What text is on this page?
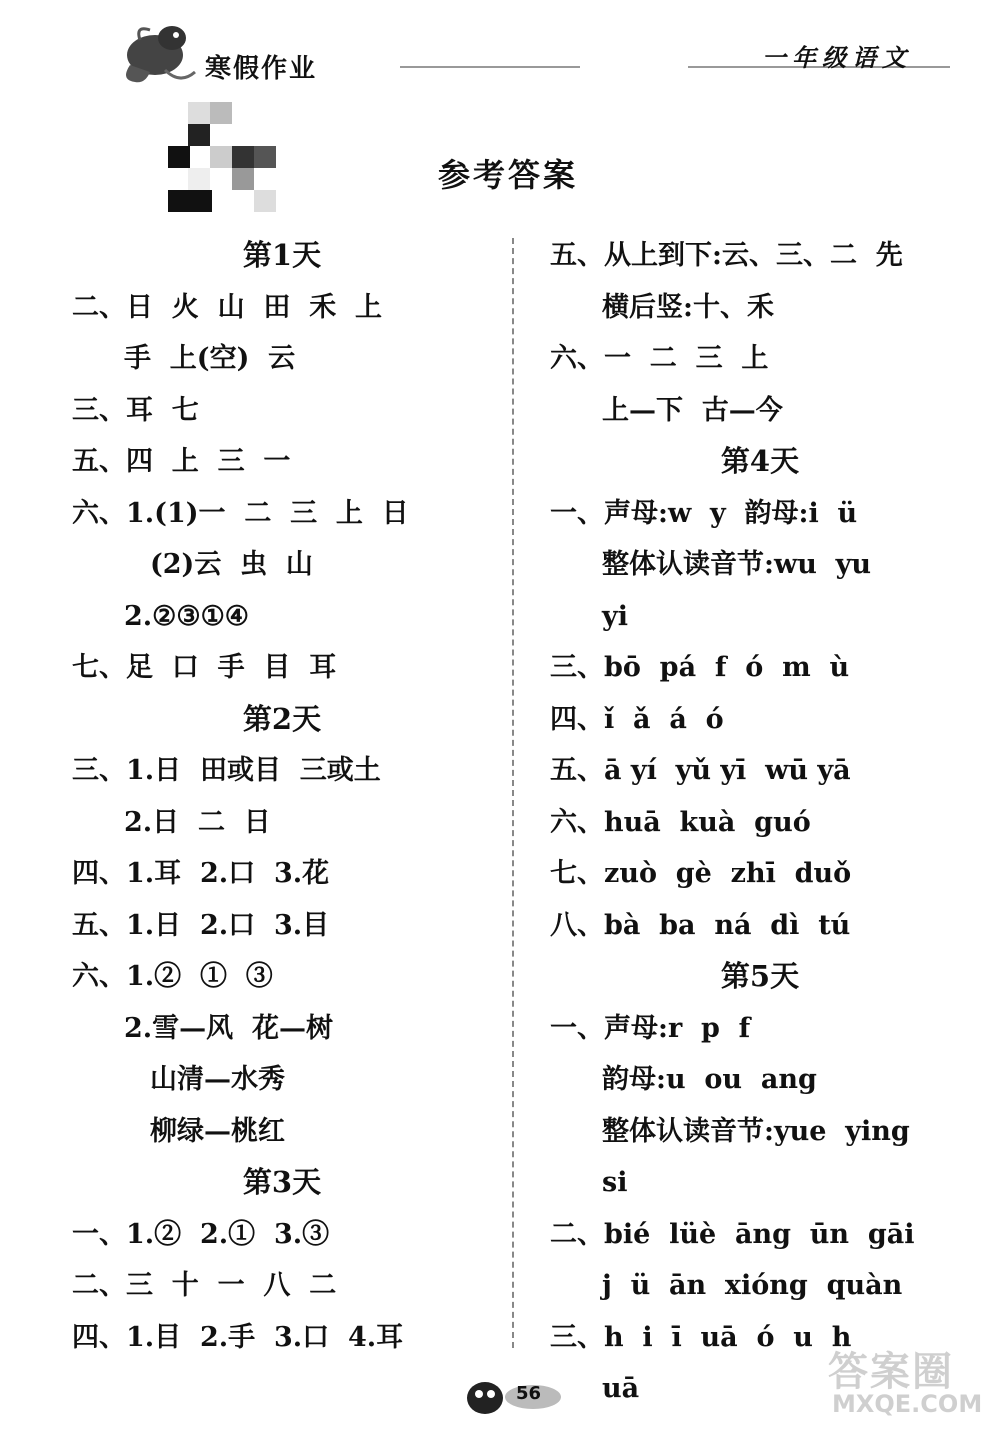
寒假作业	一年级语文
参考答案
第1天
二、日  火  山  田  禾  上
手  上(空)  云
三、耳  七
五、四  上  三  一
六、1.(1)一  二  三  上  日
(2)云  虫  山
2.②③①④
七、足  口  手  目  耳
第2天
三、1.日  田或目  三或土
2.日  二  日
四、1.耳  2.口  3.花
五、1.日  2.口  3.目
六、1.②  ①  ③
2.雪—风  花—树
山清—水秀
柳绿—桃红
第3天
一、1.②  2.①  3.③
二、三  十  一  八  二
四、1.目  2.手  3.口  4.耳
五、从上到下:云、三、二  先
横后竖:十、禾
六、一  二  三  上
上—下  古—今
第4天
一、声母:w  y  韵母:i  ü
整体认读音节:wu  yu
yi
三、bō  pá  f  ó  m  ù
四、ǐ  ǎ  á  ó
五、ā yí  yǔ yī  wū yā
六、huā  kuà  guó
七、zuò  gè  zhī  duǒ
八、bà  ba  ná  dì  tú
第5天
一、声母:r  p  f
韵母:u  ou  ang
整体认读音节:yue  ying
si
二、bié  lüè  āng  ūn  gāi
j  ü  ān  xióng  quàn
三、h  i  ī  uā  ó  u  h
uā
56	答案圈
MXQE.COM
